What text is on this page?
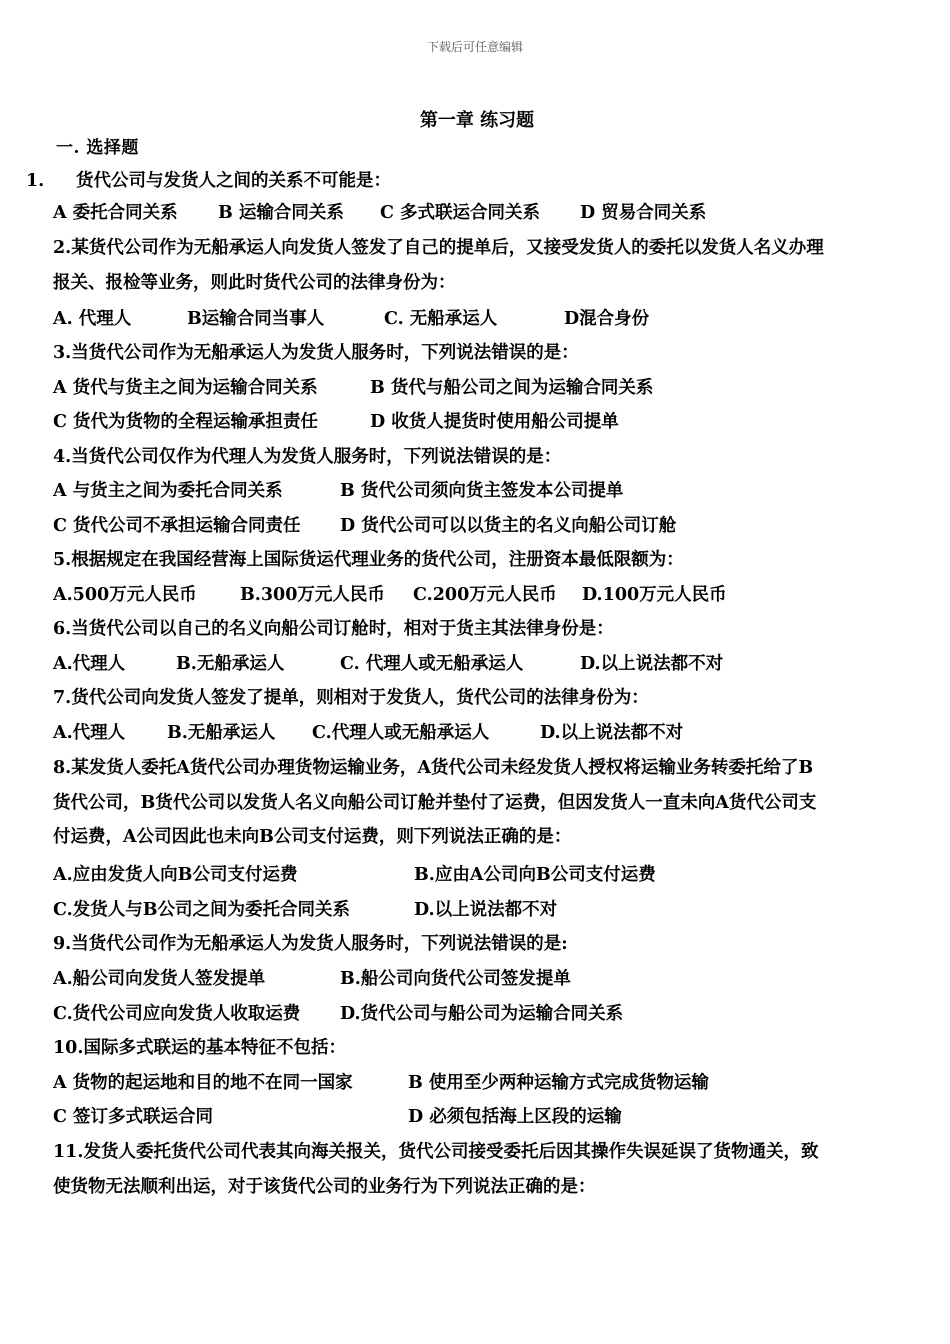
下载后可任意编辑
第一章 练习题
一. 选择题
1. 货代公司与发货人之间的关系不可能是：
A 委托合同关系 B 运输合同关系 C 多式联运合同关系 D 贸易合同关系
2.某货代公司作为无船承运人向发货人签发了自己的提单后，又接受发货人的委托以发货人名义办理
报关、报检等业务，则此时货代公司的法律身份为：
A. 代理人	B运输合同当事人	C. 无船承运人	D混合身份
3.当货代公司作为无船承运人为发货人服务时，下列说法错误的是：
A 货代与货主之间为运输合同关系	B 货代与船公司之间为运输合同关系
C 货代为货物的全程运输承担责任	D 收货人提货时使用船公司提单
4.当货代公司仅作为代理人为发货人服务时，下列说法错误的是：
A 与货主之间为委托合同关系	B 货代公司须向货主签发本公司提单
C 货代公司不承担运输合同责任 D 货代公司可以以货主的名义向船公司订舱
5.根据规定在我国经营海上国际货运代理业务的货代公司，注册资本最低限额为：
A.500万元人民币 B.300万元人民币 C.200万元人民币 D.100万元人民币
6.当货代公司以自己的名义向船公司订舱时，相对于货主其法律身份是：
A.代理人	B.无船承运人	C. 代理人或无船承运人	D.以上说法都不对
7.货代公司向发货人签发了提单，则相对于发货人，货代公司的法律身份为：
A.代理人 B.无船承运人 C.代理人或无船承运人	D.以上说法都不对
8.某发货人委托A货代公司办理货物运输业务，A货代公司未经发货人授权将运输业务转委托给了B
货代公司，B货代公司以发货人名义向船公司订舱并垫付了运费，但因发货人一直未向A货代公司支
付运费，A公司因此也未向B公司支付运费，则下列说法正确的是：
A.应由发货人向B公司支付运费	B.应由A公司向B公司支付运费
C.发货人与B公司之间为委托合同关系	D.以上说法都不对
9.当货代公司作为无船承运人为发货人服务时，下列说法错误的是:
A.船公司向发货人签发提单	B.船公司向货代公司签发提单
C.货代公司应向发货人收取运费 D.货代公司与船公司为运输合同关系
10.国际多式联运的基本特征不包括：
A 货物的起运地和目的地不在同一国家	B 使用至少两种运输方式完成货物运输
C 签订多式联运合同	D 必须包括海上区段的运输
11.发货人委托货代公司代表其向海关报关，货代公司接受委托后因其操作失误延误了货物通关，致
使货物无法顺利出运，对于该货代公司的业务行为下列说法正确的是：
